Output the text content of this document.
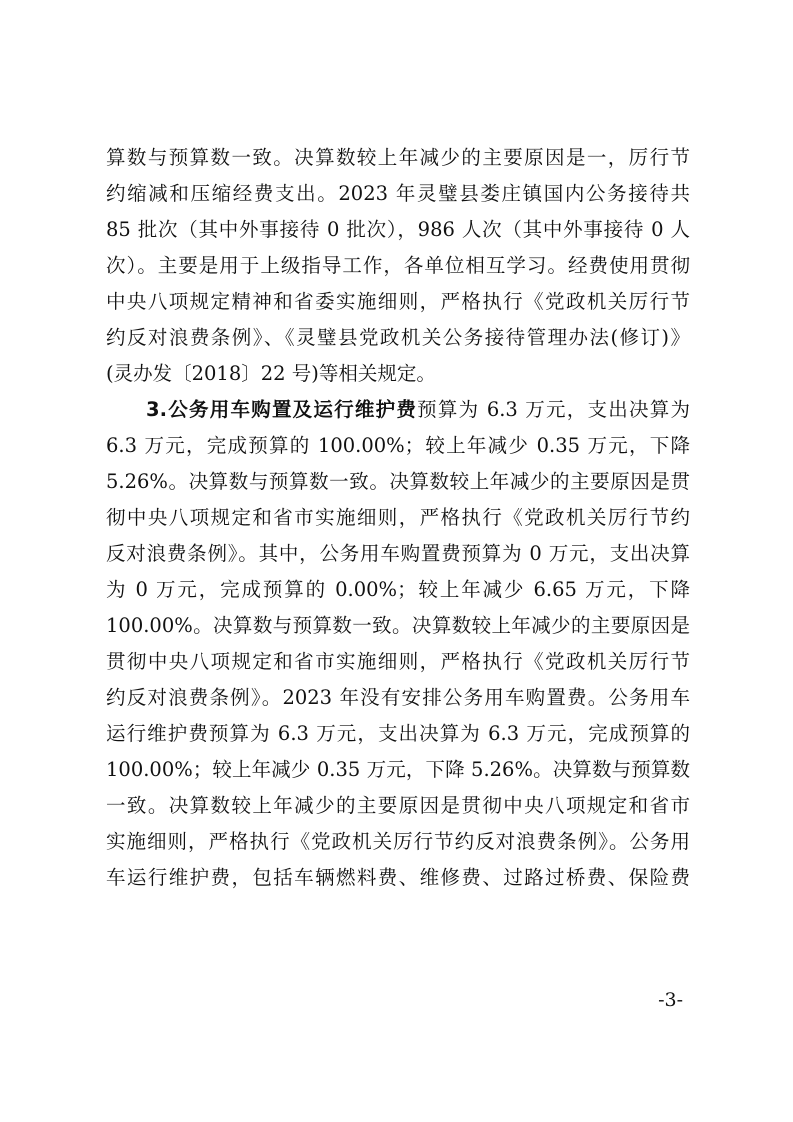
算数与预算数一致。决算数较上年减少的主要原因是一，厉行节
约缩减和压缩经费支出。2023 年灵璧县娄庄镇国内公务接待共
85 批次（其中外事接待 0 批次），986 人次（其中外事接待 0 人
次）。主要是用于上级指导工作，各单位相互学习。经费使用贯彻
中央八项规定精神和省委实施细则，严格执行《党政机关厉行节
约反对浪费条例》、《灵璧县党政机关公务接待管理办法(修订)》
(灵办发〔2018〕22 号)等相关规定。
3.公务用车购置及运行维护费预算为 6.3 万元，支出决算为
6.3 万元，完成预算的 100.00%；较上年减少 0.35 万元，下降
5.26%。决算数与预算数一致。决算数较上年减少的主要原因是贯
彻中央八项规定和省市实施细则，严格执行《党政机关厉行节约
反对浪费条例》。其中，公务用车购置费预算为 0 万元，支出决算
为 0 万元，完成预算的 0.00%；较上年减少 6.65 万元，下降
100.00%。决算数与预算数一致。决算数较上年减少的主要原因是
贯彻中央八项规定和省市实施细则，严格执行《党政机关厉行节
约反对浪费条例》。2023 年没有安排公务用车购置费。公务用车
运行维护费预算为 6.3 万元，支出决算为 6.3 万元，完成预算的
100.00%；较上年减少 0.35 万元，下降 5.26%。决算数与预算数
一致。决算数较上年减少的主要原因是贯彻中央八项规定和省市
实施细则，严格执行《党政机关厉行节约反对浪费条例》。公务用
车运行维护费，包括车辆燃料费、维修费、过路过桥费、保险费
-3-
